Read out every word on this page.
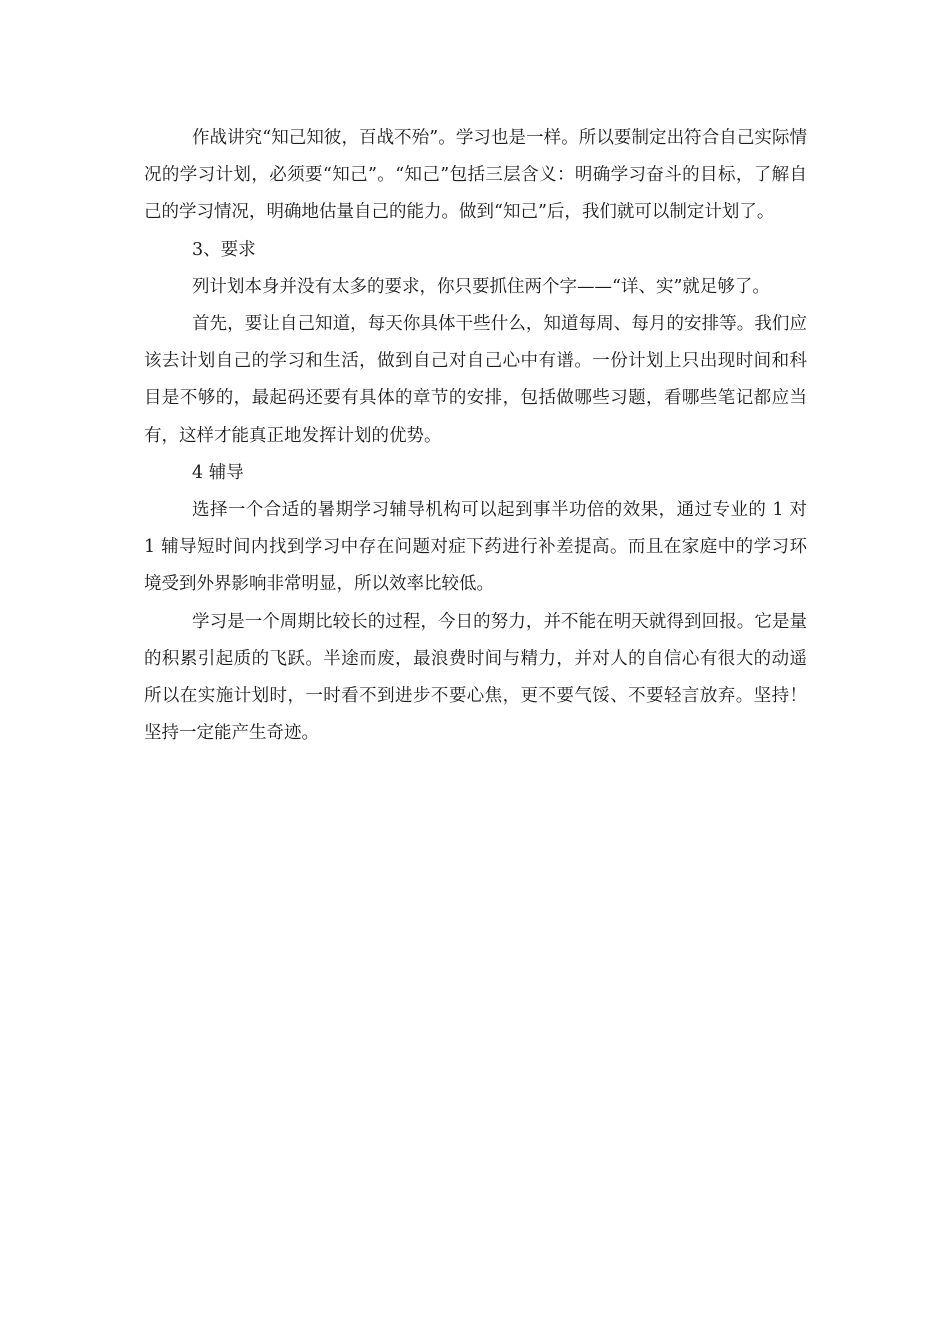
作战讲究“知己知彼，百战不殆”。学习也是一样。所以要制定出符合自己实际情况的学习计划，必须要“知己”。“知己”包括三层含义：明确学习奋斗的目标，了解自己的学习情况，明确地估量自己的能力。做到“知己”后，我们就可以制定计划了。

3、要求

列计划本身并没有太多的要求，你只要抓住两个字——“详、实”就足够了。

首先，要让自己知道，每天你具体干些什么，知道每周、每月的安排等。我们应该去计划自己的学习和生活，做到自己对自己心中有谱。一份计划上只出现时间和科目是不够的，最起码还要有具体的章节的安排，包括做哪些习题，看哪些笔记都应当有，这样才能真正地发挥计划的优势。

4 辅导

选择一个合适的暑期学习辅导机构可以起到事半功倍的效果，通过专业的 1 对 1 辅导短时间内找到学习中存在问题对症下药进行补差提高。而且在家庭中的学习环境受到外界影响非常明显，所以效率比较低。

学习是一个周期比较长的过程，今日的努力，并不能在明天就得到回报。它是量的积累引起质的飞跃。半途而废，最浪费时间与精力，并对人的自信心有很大的动遥所以在实施计划时，一时看不到进步不要心焦，更不要气馁、不要轻言放弃。坚持！坚持一定能产生奇迹。
